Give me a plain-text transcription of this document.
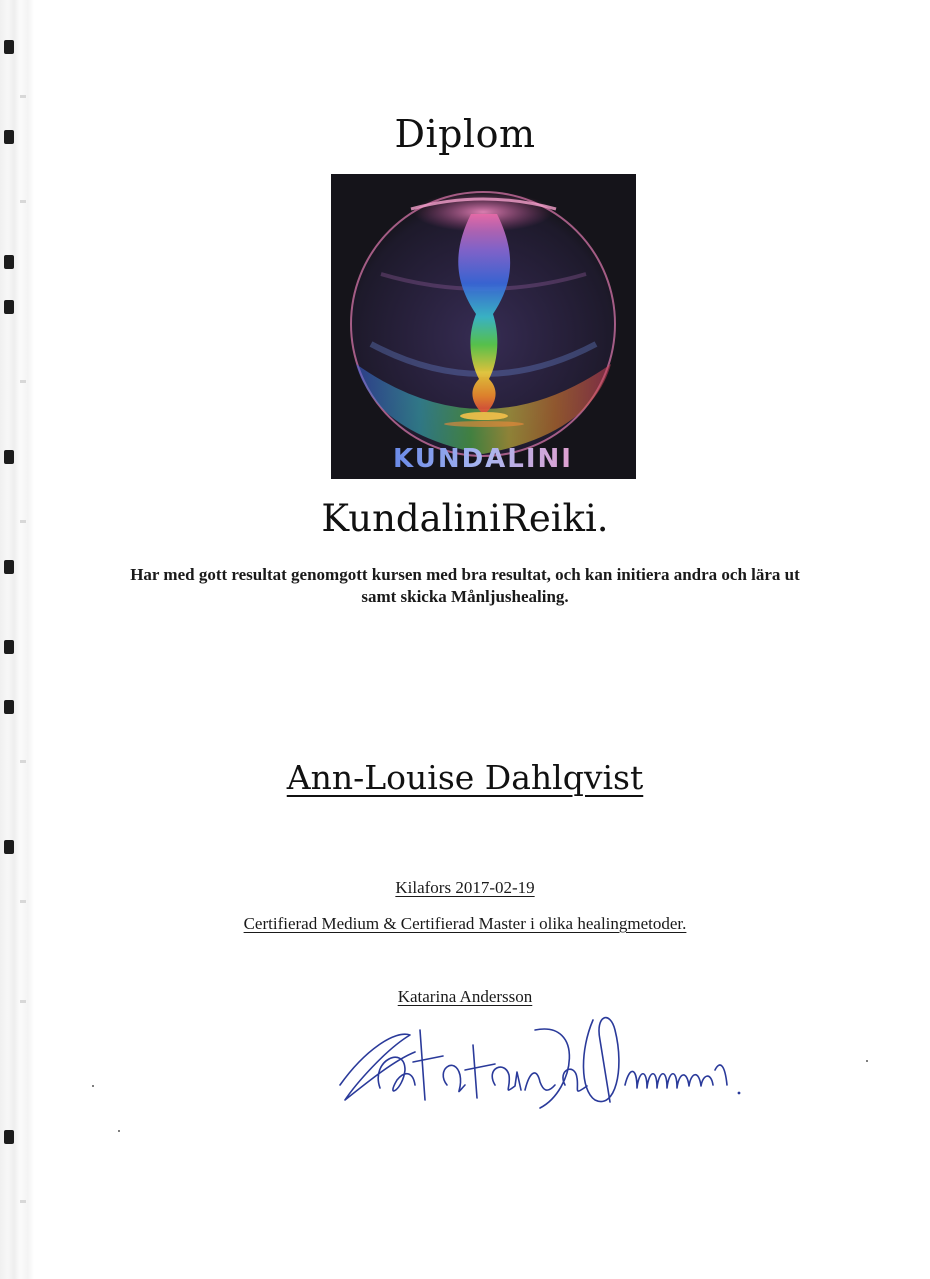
Diplom
KUNDALINI
KundaliniReiki.
Har med gott resultat genomgott kursen med bra resultat, och kan initiera andra och lära ut samt skicka Månljushealing.
Ann-Louise Dahlqvist
Kilafors 2017-02-19
Certifierad Medium & Certifierad Master i olika healingmetoder.
Katarina Andersson
